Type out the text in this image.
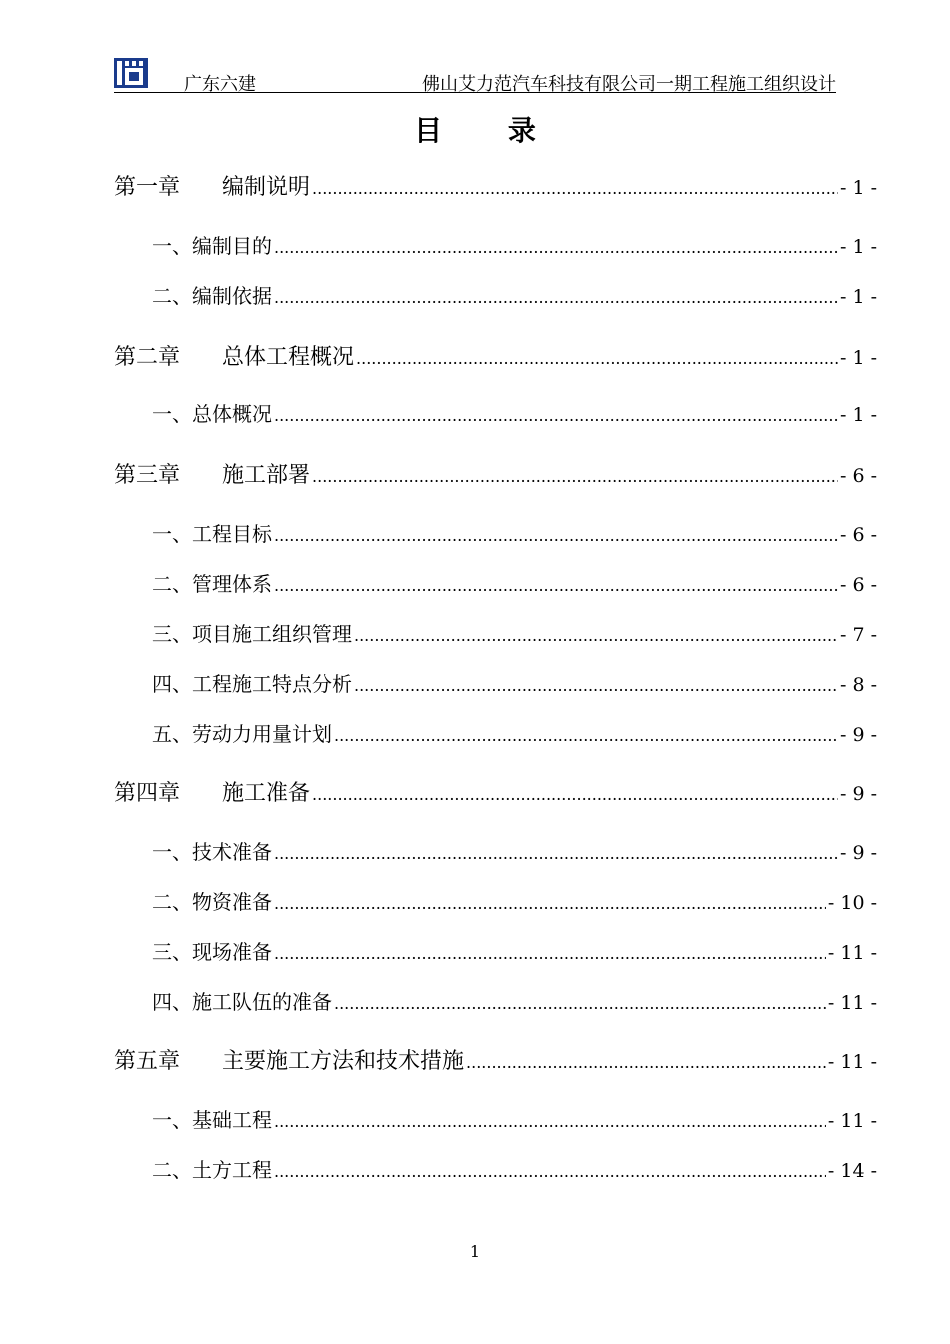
广东六建	佛山艾力范汽车科技有限公司一期工程施工组织设计
目 录
第一章	编制说明 .....	- 1 -
一、编制目的 .....	- 1 -
二、编制依据 .....	- 1 -
第二章	总体工程概况 .....	- 1 -
一、总体概况 .....	- 1 -
第三章	施工部署 .....	- 6 -
一、工程目标 .....	- 6 -
二、管理体系 .....	- 6 -
三、项目施工组织管理 .....	- 7 -
四、工程施工特点分析 .....	- 8 -
五、劳动力用量计划 .....	- 9 -
第四章	施工准备 .....	- 9 -
一、技术准备 .....	- 9 -
二、物资准备 .....	- 10 -
三、现场准备 .....	- 11 -
四、施工队伍的准备 .....	- 11 -
第五章	主要施工方法和技术措施 .....	- 11 -
一、基础工程 .....	- 11 -
二、土方工程 .....	- 14 -
1
